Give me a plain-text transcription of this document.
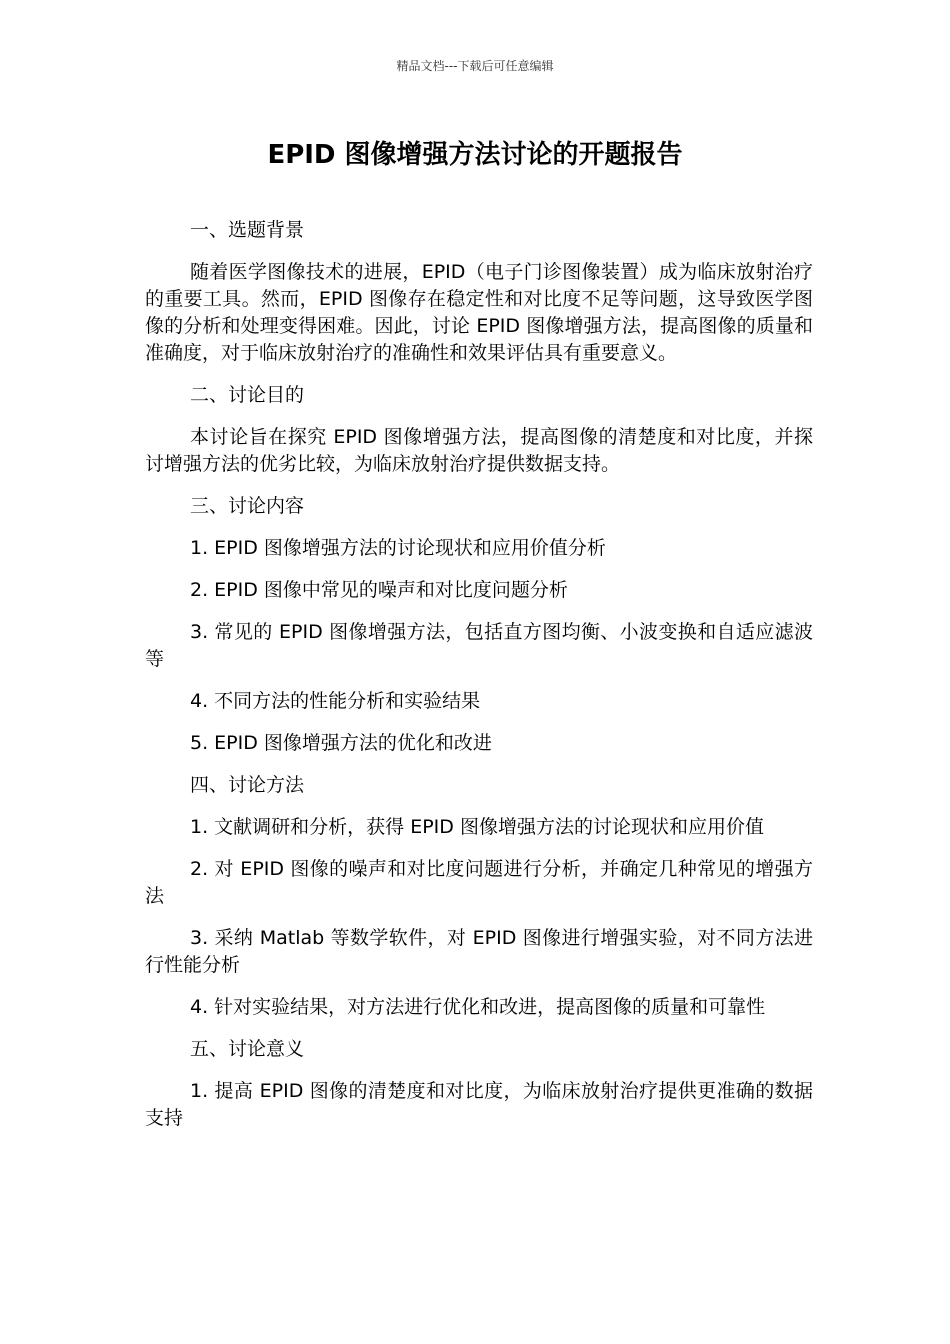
精品文档---下载后可任意编辑
EPID 图像增强方法讨论的开题报告

一、选题背景

随着医学图像技术的进展，EPID（电子门诊图像装置）成为临床放射治疗的重要工具。然而，EPID 图像存在稳定性和对比度不足等问题，这导致医学图像的分析和处理变得困难。因此，讨论 EPID 图像增强方法，提高图像的质量和准确度，对于临床放射治疗的准确性和效果评估具有重要意义。

二、讨论目的

本讨论旨在探究 EPID 图像增强方法，提高图像的清楚度和对比度，并探讨增强方法的优劣比较，为临床放射治疗提供数据支持。

三、讨论内容

1. EPID 图像增强方法的讨论现状和应用价值分析

2. EPID 图像中常见的噪声和对比度问题分析

3. 常见的 EPID 图像增强方法，包括直方图均衡、小波变换和自适应滤波等

4. 不同方法的性能分析和实验结果

5. EPID 图像增强方法的优化和改进

四、讨论方法

1. 文献调研和分析，获得 EPID 图像增强方法的讨论现状和应用价值

2. 对 EPID 图像的噪声和对比度问题进行分析，并确定几种常见的增强方法

3. 采纳 Matlab 等数学软件，对 EPID 图像进行增强实验，对不同方法进行性能分析

4. 针对实验结果，对方法进行优化和改进，提高图像的质量和可靠性

五、讨论意义

1. 提高 EPID 图像的清楚度和对比度，为临床放射治疗提供更准确的数据支持
